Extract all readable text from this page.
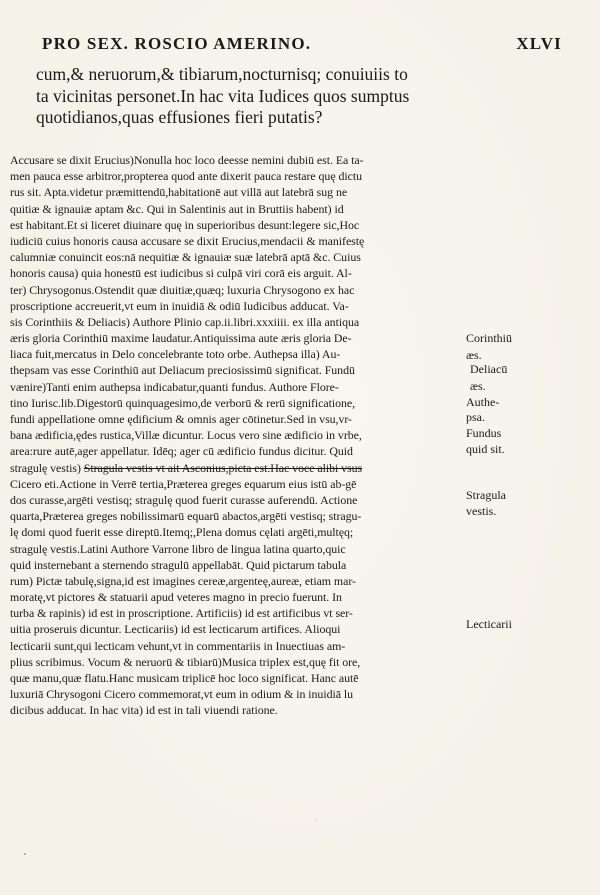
PRO SEX. ROSCIO AMERINO.	XLVI
cum,& neruorum,& tibiarum,nocturnisq; conuiuiis to
ta vicinitas personet.In hac vita Iudices quos sumptus
quotidianos,quas effusiones fieri putatis?
Accusare se dixit Erucius)Nonulla hoc loco deesse nemini dubiū est. Ea ta-
men pauca esse arbitror,propterea quod ante dixerit pauca restare quę dictu
rus sit. Apta.videtur præmittendū,habitationē aut villā aut latebrā sug ne
quitiæ & ignauiæ aptam &c. Qui in Salentinis aut in Bruttiis habent) id
est habitant.Et si liceret diuinare quę in superioribus desunt:legere sic,Hoc
iudiciū cuius honoris causa accusare se dixit Erucius,mendacii & manifestę
calumniæ conuincit eos:nā nequitiæ & ignauiæ suæ latebrā aptā &c. Cuius
honoris causa) quia honestū est iudicibus si culpā viri corā eis arguit. Al-
ter) Chrysogonus.Ostendit quæ diuitiæ,quæq; luxuria Chrysogono ex hac
proscriptione accreuerit,vt eum in inuidiā & odiū Iudicibus adducat. Va-
sis Corinthiis & Deliacis) Authore Plinio cap.ii.libri.xxxiiii. ex illa antiqua
æris gloria Corinthiū maxime laudatur.Antiquissima aute æris gloria De-
liaca fuit,mercatus in Delo concelebrante toto orbe. Authepsa illa) Au-
thepsam vas esse Corinthiū aut Deliacum preciosissimū significat. Fundū
vænire)Tanti enim authepsa indicabatur,quanti fundus. Authore Flore-
tino Iurisc.lib.Digestorū quinquagesimo,de verborū & rerū significatione,
fundi appellatione omne ędificium & omnis ager cōtinetur.Sed in vsu,vr-
bana ædificia,ędes rustica,Villæ dicuntur. Locus vero sine ædificio in vrbe,
area:rure autē,ager appellatur. Idēq; ager cū ædificio fundus dicitur. Quid
stragulę vestis) Stragula vestis vt ait Asconius,picta est.Hac voce alibi vsus
Cicero eti.Actione in Verrē tertia,Præterea greges equarum eius istū ab-gē
dos curasse,argēti vestisq; stragulę quod fuerit curasse auferendū. Actione
quarta,Præterea greges nobilissimarū equarū abactos,argēti vestisq; stragu-
lę domi quod fuerit esse direptū.Itemq;,Plena domus cęlati argēti,multęq;
stragulę vestis.Latini Authore Varrone libro de lingua latina quarto,quic
quid insternebant a sternendo stragulū appellabāt. Quid pictarum tabula
rum) Pictæ tabulę,signa,id est imagines cereæ,argenteę,aureæ, etiam mar-
moratę,vt pictores & statuarii apud veteres magno in precio fuerunt. In
turba & rapinis) id est in proscriptione. Artificiis) id est artificibus vt ser-
uitia proseruis dicuntur. Lecticariis) id est lecticarum artifices. Alioqui
lecticarii sunt,qui lecticam vehunt,vt in commentariis in Inuectiuas am-
plius scribimus. Vocum & neruorū & tibiarū)Musica triplex est,quę fit ore,
quæ manu,quæ flatu.Hanc musicam triplicē hoc loco significat. Hanc autē
luxuriā Chrysogoni Cicero commemorat,vt eum in odium & in inuidiā lu
dicibus adducat. In hac vita) id est in tali viuendi ratione.
Corinthiū
æs.
Deliacū
æs.
Authe-
psa.
Fundus
quid sit.
Stragula
vestis.
Lecticarii
